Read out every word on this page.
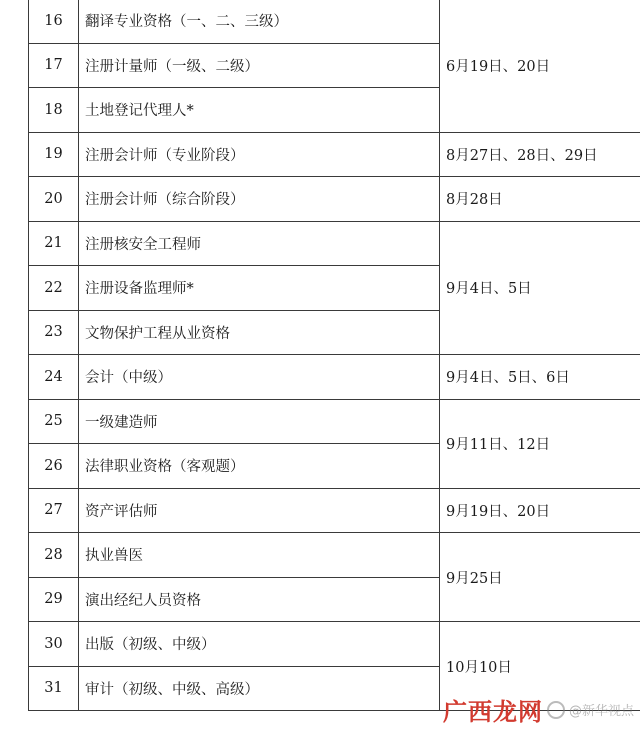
16	翻译专业资格（一、二、三级）	6月19日、20日
17	注册计量师（一级、二级）	
18	土地登记代理人*	
19	注册会计师（专业阶段）	8月27日、28日、29日
20	注册会计师（综合阶段）	8月28日
21	注册核安全工程师	9月4日、5日
22	注册设备监理师*	
23	文物保护工程从业资格	
24	会计（中级）	9月4日、5日、6日
25	一级建造师	9月11日、12日
26	法律职业资格（客观题）	
27	资产评估师	9月19日、20日
28	执业兽医	9月25日
29	演出经纪人员资格	
30	出版（初级、中级）	10月10日
31	审计（初级、中级、高级）	
广西龙网 @新华视点
